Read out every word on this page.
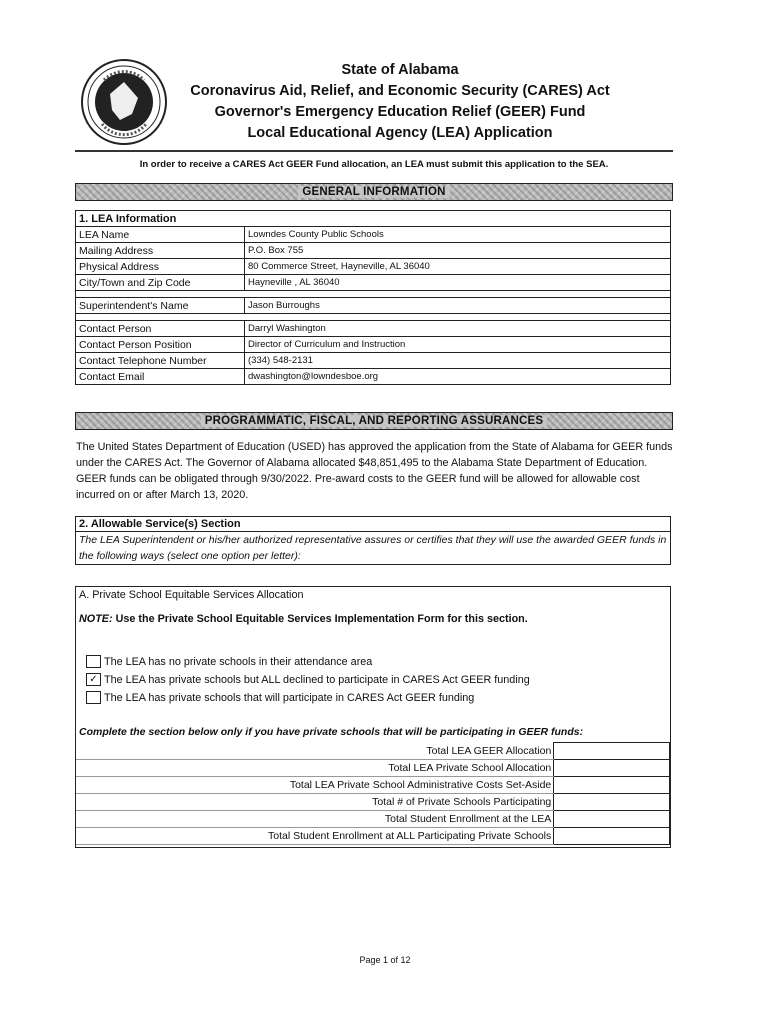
State of Alabama
Coronavirus Aid, Relief, and Economic Security (CARES) Act
Governor's Emergency Education Relief (GEER) Fund
Local Educational Agency (LEA) Application
In order to receive a CARES Act GEER Fund allocation, an LEA must submit this application to the SEA.
GENERAL INFORMATION
1. LEA Information	
LEA Name	Lowndes County Public Schools
Mailing Address	P.O. Box 755
Physical Address	80 Commerce Street, Hayneville, AL 36040
City/Town and Zip Code	Hayneville , AL 36040

Superintendent's Name	Jason Burroughs

Contact Person	Darryl Washington
Contact Person Position	Director of Curriculum and Instruction
Contact Telephone Number	(334) 548-2131
Contact Email	dwashington@lowndesboe.org
PROGRAMMATIC, FISCAL, AND REPORTING ASSURANCES
The United States Department of Education (USED) has approved the application from the State of Alabama for GEER funds under the CARES Act. The Governor of Alabama allocated $48,851,495 to the Alabama State Department of Education. GEER funds can be obligated through 9/30/2022. Pre-award costs to the GEER fund will be allowed for allowable cost incurred on or after March 13, 2020.
2. Allowable Service(s) Section
The LEA Superintendent or his/her authorized representative assures or certifies that they will use the awarded GEER funds in the following ways (select one option per letter):
A. Private School Equitable Services Allocation
NOTE: Use the Private School Equitable Services Implementation Form for this section.
The LEA has no private schools in their attendance area
✓ The LEA has private schools but ALL declined to participate in CARES Act GEER funding
The LEA has private schools that will participate in CARES Act GEER funding
Complete the section below only if you have private schools that will be participating in GEER funds:
Total LEA GEER Allocation	
Total LEA Private School Allocation	
Total LEA Private School Administrative Costs Set-Aside	
Total # of Private Schools Participating	
Total Student Enrollment at the LEA	
Total Student Enrollment at ALL Participating Private Schools	
Page 1 of 12
